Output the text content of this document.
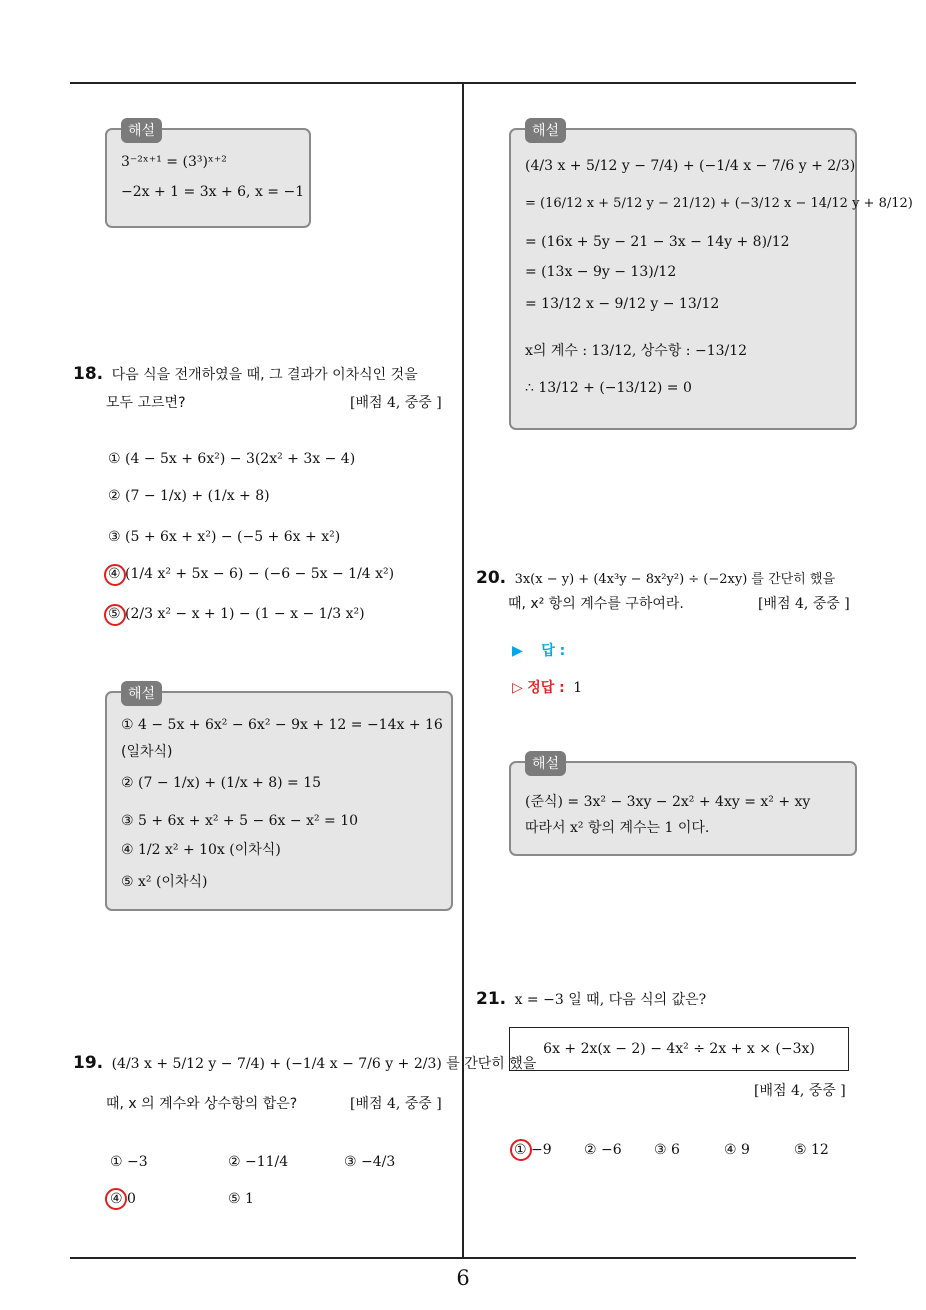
6
해설
3⁻²ˣ⁺¹ = (3³)ˣ⁺²
−2x + 1 = 3x + 6, x = −1
18. 다음 식을 전개하였을 때, 그 결과가 이차식인 것을
모두 고르면?	[배점 4, 중중 ]
① (4 − 5x + 6x²) − 3(2x² + 3x − 4)
② (7 − 1/x) + (1/x + 8)
③ (5 + 6x + x²) − (−5 + 6x + x²)
④ (1/4 x² + 5x − 6) − (−6 − 5x − 1/4 x²)
⑤ (2/3 x² − x + 1) − (1 − x − 1/3 x²)
해설
① 4 − 5x + 6x² − 6x² − 9x + 12 = −14x + 16
(일차식)
② (7 − 1/x) + (1/x + 8) = 15
③ 5 + 6x + x² + 5 − 6x − x² = 10
④ 1/2 x² + 10x (이차식)
⑤ x² (이차식)
19. (4/3 x + 5/12 y − 7/4) + (−1/4 x − 7/6 y + 2/3) 를 간단히 했을
때, x 의 계수와 상수항의 합은?	[배점 4, 중중 ]
① −3	② −11/4	③ −4/3
④ 0	⑤ 1
해설
(4/3 x + 5/12 y − 7/4) + (−1/4 x − 7/6 y + 2/3)
= (16/12 x + 5/12 y − 21/12) + (−3/12 x − 14/12 y + 8/12)
= (16x + 5y − 21 − 3x − 14y + 8)/12
= (13x − 9y − 13)/12
= 13/12 x − 9/12 y − 13/12
x의 계수 : 13/12, 상수항 : −13/12
∴ 13/12 + (−13/12) = 0
20. 3x(x − y) + (4x³y − 8x²y²) ÷ (−2xy) 를 간단히 했을
때, x² 항의 계수를 구하여라.	[배점 4, 중중 ]
▶ 답 :
▷ 정답 : 1
해설
(준식) = 3x² − 3xy − 2x² + 4xy = x² + xy
따라서 x² 항의 계수는 1 이다.
21. x = −3 일 때, 다음 식의 값은?
6x + 2x(x − 2) − 4x² ÷ 2x + x × (−3x)
[배점 4, 중중 ]
① −9 ② −6 ③ 6	④ 9	⑤ 12
